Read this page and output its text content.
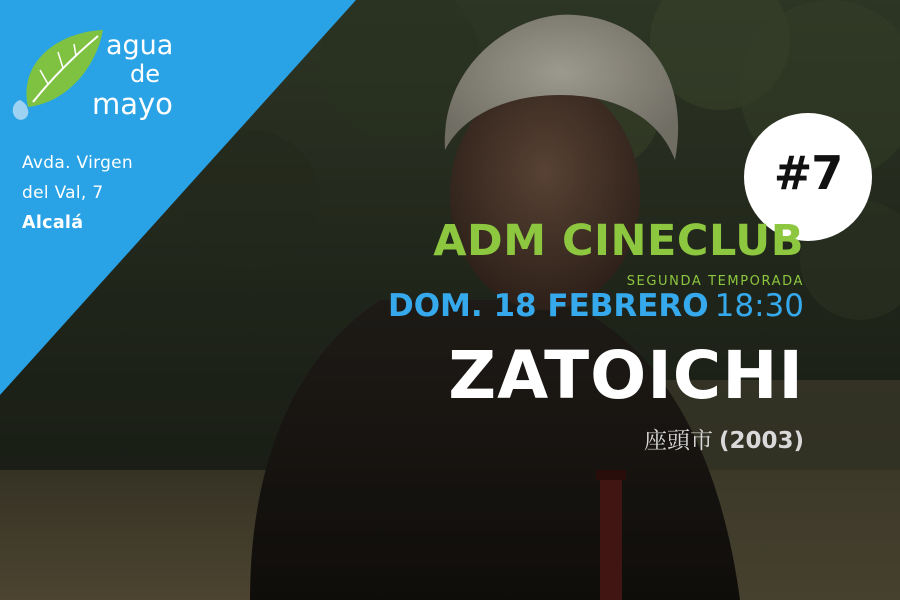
agua
de
mayo
Avda. Virgen
del Val, 7
Alcalá
#7
ADM CINECLUB
SEGUNDA TEMPORADA
DOM. 18 FEBRERO 18:30
ZATOICHI
座頭市 (2003)
